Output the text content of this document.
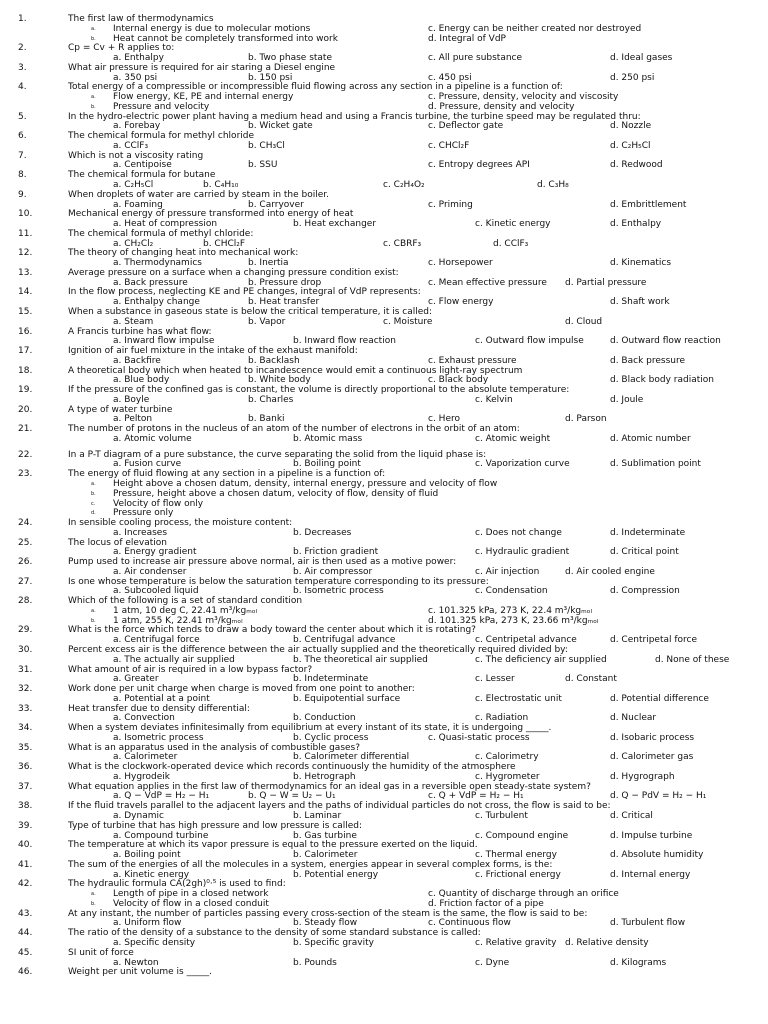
1.	The first law of thermodynamics
a. Internal energy is due to molecular motions	c. Energy can be neither created nor destroyed
b. Heat cannot be completely transformed into work	d. Integral of VdP
2.	Cp = Cv + R applies to:
a. Enthalpy	b. Two phase state	c. All pure substance	d. Ideal gases
3.	What air pressure is required for air staring a Diesel engine
a. 350 psi	b. 150 psi	c. 450 psi	d. 250 psi
4.	Total energy of a compressible or incompressible fluid flowing across any section in a pipeline is a function of:
a. Flow energy, KE, PE and internal energy	c. Pressure, density, velocity and viscosity
b. Pressure and velocity	d. Pressure, density and velocity
5.	In the hydro-electric power plant having a medium head and using a Francis turbine, the turbine speed may be regulated thru:
a. Forebay	b. Wicket gate	c. Deflector gate	d. Nozzle
6.	The chemical formula for methyl chloride
a. CClF₃	b. CH₃Cl	c. CHCl₂F	d. C₂H₅Cl
7.	Which is not a viscosity rating
a. Centipoise	b. SSU	c. Entropy degrees API	d. Redwood
8.	The chemical formula for butane
a. C₂H₅Cl	b. C₄H₁₀	c. C₂H₄O₂	d. C₃H₈
9.	When droplets of water are carried by steam in the boiler.
a. Foaming	b. Carryover	c. Priming	d. Embrittlement
10.	Mechanical energy of pressure transformed into energy of heat
a. Heat of compression	b. Heat exchanger	c. Kinetic energy	d. Enthalpy
11.	The chemical formula of methyl chloride:
a. CH₂Cl₂	b. CHCl₂F	c. CBRF₃	d. CClF₃
12.	The theory of changing heat into mechanical work:
a. Thermodynamics	b. Inertia	c. Horsepower	d. Kinematics
13.	Average pressure on a surface when a changing pressure condition exist:
a. Back pressure	b. Pressure drop	c. Mean effective pressure d. Partial pressure
14.	In the flow process, neglecting KE and PE changes, integral of VdP represents:
a. Enthalpy change	b. Heat transfer	c. Flow energy	d. Shaft work
15.	When a substance in gaseous state is below the critical temperature, it is called:
a. Steam	b. Vapor	c. Moisture	d. Cloud
16.	A Francis turbine has what flow:
a. Inward flow impulse	b. Inward flow reaction	c. Outward flow impulse	d. Outward flow reaction
17.	Ignition of air fuel mixture in the intake of the exhaust manifold:
a. Backfire	b. Backlash	c. Exhaust pressure	d. Back pressure
18.	A theoretical body which when heated to incandescence would emit a continuous light-ray spectrum
a. Blue body	b. White body	c. Black body	d. Black body radiation
19.	If the pressure of the confined gas is constant, the volume is directly proportional to the absolute temperature:
a. Boyle	b. Charles	c. Kelvin	d. Joule
20.	A type of water turbine
a. Pelton	b. Banki	c. Hero	d. Parson
21.	The number of protons in the nucleus of an atom of the number of electrons in the orbit of an atom:
a. Atomic volume	b. Atomic mass	c. Atomic weight	d. Atomic number
22.	In a P-T diagram of a pure substance, the curve separating the solid from the liquid phase is:
a. Fusion curve	b. Boiling point	c. Vaporization curve	d. Sublimation point
23.	The energy of fluid flowing at any section in a pipeline is a function of:
a. Height above a chosen datum, density, internal energy, pressure and velocity of flow
b. Pressure, height above a chosen datum, velocity of flow, density of fluid
c. Velocity of flow only
d. Pressure only
24.	In sensible cooling process, the moisture content:
a. Increases	b. Decreases	c. Does not change	d. Indeterminate
25.	The locus of elevation
a. Energy gradient	b. Friction gradient	c. Hydraulic gradient	d. Critical point
26.	Pump used to increase air pressure above normal, air is then used as a motive power:
a. Air condenser	b. Air compressor	c. Air injection	d. Air cooled engine
27.	Is one whose temperature is below the saturation temperature corresponding to its pressure:
a. Subcooled liquid	b. Isometric process	c. Condensation	d. Compression
28.	Which of the following is a set of standard condition
a. 1 atm, 10 deg C, 22.41 m³/kgₘₒₗ	c. 101.325 kPa, 273 K, 22.4 m³/kgₘₒₗ
b. 1 atm, 255 K, 22.41 m³/kgₘₒₗ	d. 101.325 kPa, 273 K, 23.66 m³/kgₘₒₗ
29.	What is the force which tends to draw a body toward the center about which it is rotating?
a. Centrifugal force	b. Centrifugal advance	c. Centripetal advance	d. Centripetal force
30.	Percent excess air is the difference between the air actually supplied and the theoretically required divided by:
a. The actually air supplied	b. The theoretical air supplied	c. The deficiency air supplied	d. None of these
31.	What amount of air is required in a low bypass factor?
a. Greater	b. Indeterminate	c. Lesser	d. Constant
32.	Work done per unit charge when charge is moved from one point to another:
a. Potential at a point	b. Equipotential surface	c. Electrostatic unit	d. Potential difference
33.	Heat transfer due to density differential:
a. Convection	b. Conduction	c. Radiation	d. Nuclear
34.	When a system deviates infinitesimally from equilibrium at every instant of its state, it is undergoing _____.
a. Isometric process	b. Cyclic process	c. Quasi-static process	d. Isobaric process
35.	What is an apparatus used in the analysis of combustible gases?
a. Calorimeter	b. Calorimeter differential	c. Calorimetry	d. Calorimeter gas
36.	What is the clockwork-operated device which records continuously the humidity of the atmosphere
a. Hygrodeik	b. Hetrograph	c. Hygrometer	d. Hygrograph
37.	What equation applies in the first law of thermodynamics for an ideal gas in a reversible open steady-state system?
a. Q − VdP = H₂ − H₁	b. Q − W = U₂ − U₁	c. Q + VdP = H₂ − H₁	d. Q − PdV = H₂ − H₁
38.	If the fluid travels parallel to the adjacent layers and the paths of individual particles do not cross, the flow is said to be:
a. Dynamic	b. Laminar	c. Turbulent	d. Critical
39.	Type of turbine that has high pressure and low pressure is called:
a. Compound turbine	b. Gas turbine	c. Compound engine	d. Impulse turbine
40.	The temperature at which its vapor pressure is equal to the pressure exerted on the liquid.
a. Boiling point	b. Calorimeter	c. Thermal energy	d. Absolute humidity
41.	The sum of the energies of all the molecules in a system, energies appear in several complex forms, is the:
a. Kinetic energy	b. Potential energy	c. Frictional energy	d. Internal energy
42.	The hydraulic formula CA(2gh)⁰·⁵ is used to find:
a. Length of pipe in a closed network	c. Quantity of discharge through an orifice
b. Velocity of flow in a closed conduit	d. Friction factor of a pipe
43.	At any instant, the number of particles passing every cross-section of the steam is the same, the flow is said to be:
a. Uniform flow	b. Steady flow	c. Continuous flow	d. Turbulent flow
44.	The ratio of the density of a substance to the density of some standard substance is called:
a. Specific density	b. Specific gravity	c. Relative gravity d. Relative density
45.	SI unit of force
a. Newton	b. Pounds	c. Dyne	d. Kilograms
46.	Weight per unit volume is _____.
